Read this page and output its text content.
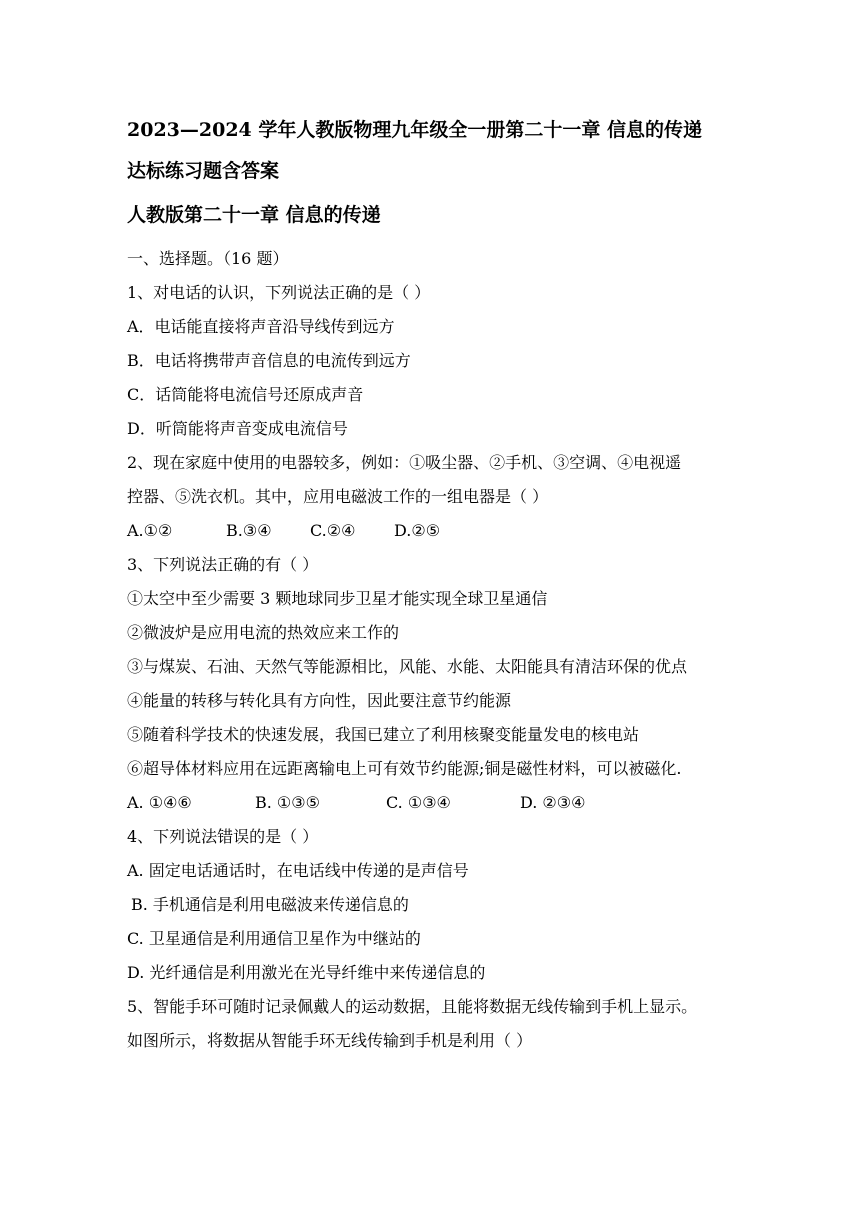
2023—2024 学年人教版物理九年级全一册第二十一章 信息的传递
达标练习题含答案
人教版第二十一章 信息的传递
一、选择题。（16 题）
1、对电话的认识，下列说法正确的是（ ）
A．电话能直接将声音沿导线传到远方
B．电话将携带声音信息的电流传到远方
C．话筒能将电流信号还原成声音
D．听筒能将声音变成电流信号
2、现在家庭中使用的电器较多，例如：①吸尘器、②手机、③空调、④电视遥
控器、⑤洗衣机。其中，应用电磁波工作的一组电器是（ ）
A.①②	B.③④	C.②④	D.②⑤
3、下列说法正确的有（ ）
①太空中至少需要 3 颗地球同步卫星才能实现全球卫星通信
②微波炉是应用电流的热效应来工作的
③与煤炭、石油、天然气等能源相比，风能、水能、太阳能具有清洁环保的优点
④能量的转移与转化具有方向性，因此要注意节约能源
⑤随着科学技术的快速发展，我国已建立了利用核聚变能量发电的核电站
⑥超导体材料应用在远距离输电上可有效节约能源;铜是磁性材料，可以被磁化.
A. ①④⑥	B. ①③⑤	C. ①③④	D. ②③④
4、下列说法错误的是（ ）
A. 固定电话通话时，在电话线中传递的是声信号
B. 手机通信是利用电磁波来传递信息的
C. 卫星通信是利用通信卫星作为中继站的
D. 光纤通信是利用激光在光导纤维中来传递信息的
5、智能手环可随时记录佩戴人的运动数据，且能将数据无线传输到手机上显示。
如图所示，将数据从智能手环无线传输到手机是利用（ ）
